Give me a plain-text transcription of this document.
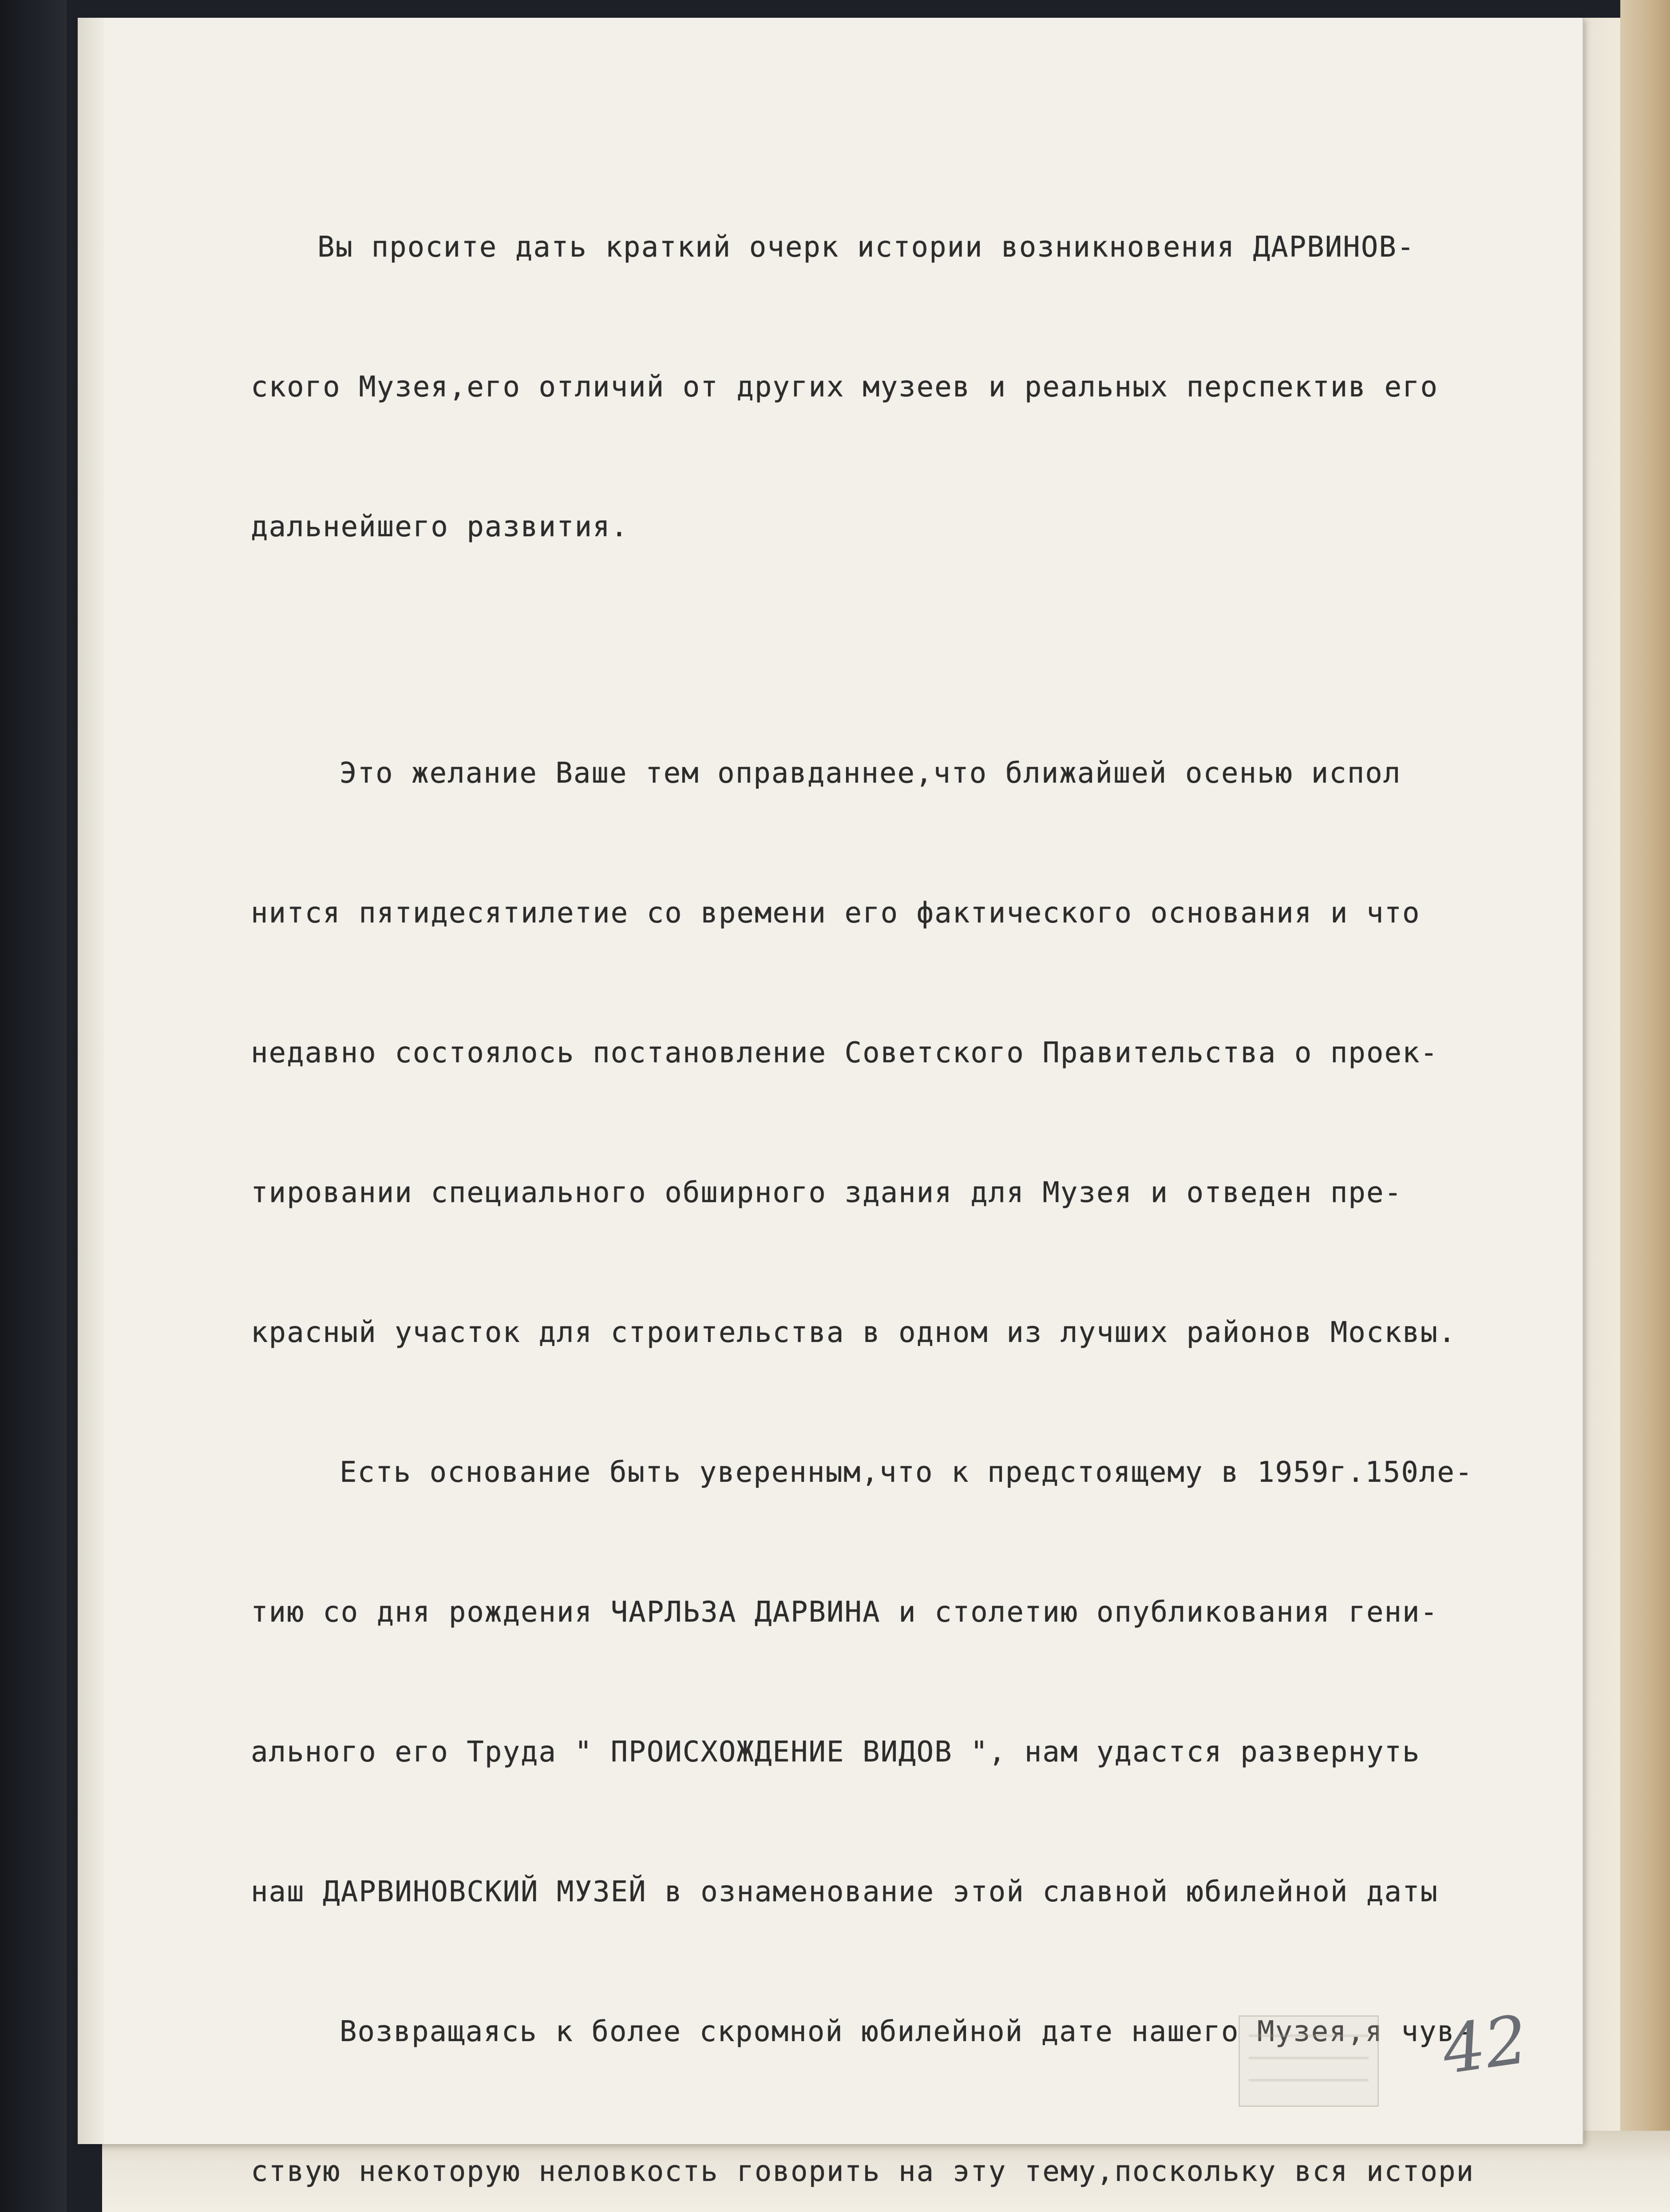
Вы просите дать краткий очерк истории возникновения ДАРВИНОВ-

ского Музея,его отличий от других музеев и реальных перспектив его

дальнейшего развития.

Это желание Ваше тем оправданнее,что ближайшей осенью испол

нится пятидесятилетие со времени его фактического основания и что

недавно состоялось постановление Советского Правительства о проек-

тировании специального обширного здания для Музея и отведен пре-

красный участок для строительства в одном из лучших районов Москвы.

Есть основание быть уверенным,что к предстоящему в 1959г.150ле-

тию со дня рождения ЧАРЛЬЗА ДАРВИНА и столетию опубликования гени-

ального его Труда " ПРОИСХОЖДЕНИЕ ВИДОВ ", нам удастся развернуть

наш ДАРВИНОВСКИЙ МУЗЕЙ в ознаменование этой славной юбилейной даты

Возвращаясь к более скромной юбилейной дате нашего Музея,я чув-

ствую некоторую неловкость говорить на эту тему,поскольку вся истори

42
